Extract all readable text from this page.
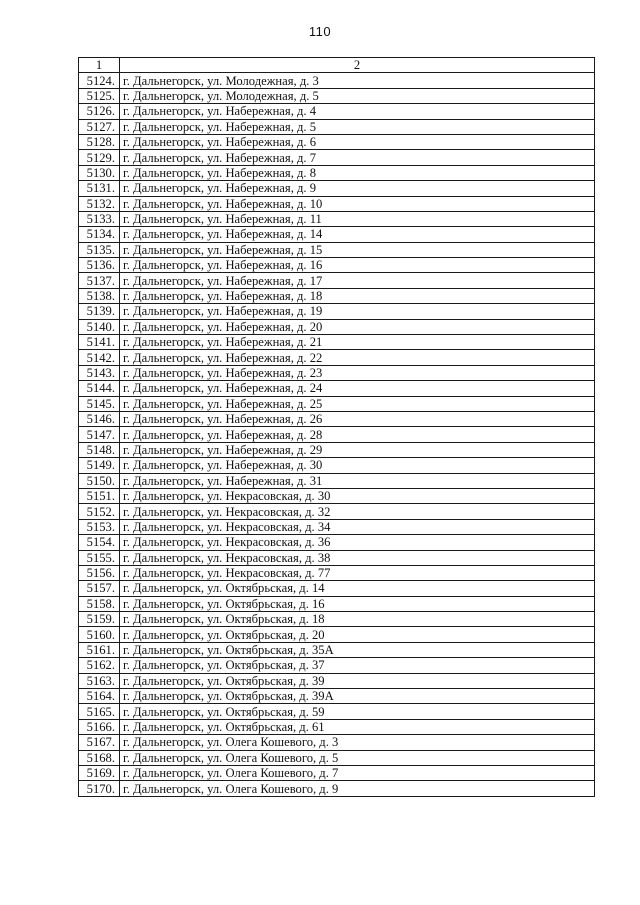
110
1	2
5124.	г. Дальнегорск, ул. Молодежная, д. 3
5125.	г. Дальнегорск, ул. Молодежная, д. 5
5126.	г. Дальнегорск, ул. Набережная, д. 4
5127.	г. Дальнегорск, ул. Набережная, д. 5
5128.	г. Дальнегорск, ул. Набережная, д. 6
5129.	г. Дальнегорск, ул. Набережная, д. 7
5130.	г. Дальнегорск, ул. Набережная, д. 8
5131.	г. Дальнегорск, ул. Набережная, д. 9
5132.	г. Дальнегорск, ул. Набережная, д. 10
5133.	г. Дальнегорск, ул. Набережная, д. 11
5134.	г. Дальнегорск, ул. Набережная, д. 14
5135.	г. Дальнегорск, ул. Набережная, д. 15
5136.	г. Дальнегорск, ул. Набережная, д. 16
5137.	г. Дальнегорск, ул. Набережная, д. 17
5138.	г. Дальнегорск, ул. Набережная, д. 18
5139.	г. Дальнегорск, ул. Набережная, д. 19
5140.	г. Дальнегорск, ул. Набережная, д. 20
5141.	г. Дальнегорск, ул. Набережная, д. 21
5142.	г. Дальнегорск, ул. Набережная, д. 22
5143.	г. Дальнегорск, ул. Набережная, д. 23
5144.	г. Дальнегорск, ул. Набережная, д. 24
5145.	г. Дальнегорск, ул. Набережная, д. 25
5146.	г. Дальнегорск, ул. Набережная, д. 26
5147.	г. Дальнегорск, ул. Набережная, д. 28
5148.	г. Дальнегорск, ул. Набережная, д. 29
5149.	г. Дальнегорск, ул. Набережная, д. 30
5150.	г. Дальнегорск, ул. Набережная, д. 31
5151.	г. Дальнегорск, ул. Некрасовская, д. 30
5152.	г. Дальнегорск, ул. Некрасовская, д. 32
5153.	г. Дальнегорск, ул. Некрасовская, д. 34
5154.	г. Дальнегорск, ул. Некрасовская, д. 36
5155.	г. Дальнегорск, ул. Некрасовская, д. 38
5156.	г. Дальнегорск, ул. Некрасовская, д. 77
5157.	г. Дальнегорск, ул. Октябрьская, д. 14
5158.	г. Дальнегорск, ул. Октябрьская, д. 16
5159.	г. Дальнегорск, ул. Октябрьская, д. 18
5160.	г. Дальнегорск, ул. Октябрьская, д. 20
5161.	г. Дальнегорск, ул. Октябрьская, д. 35А
5162.	г. Дальнегорск, ул. Октябрьская, д. 37
5163.	г. Дальнегорск, ул. Октябрьская, д. 39
5164.	г. Дальнегорск, ул. Октябрьская, д. 39А
5165.	г. Дальнегорск, ул. Октябрьская, д. 59
5166.	г. Дальнегорск, ул. Октябрьская, д. 61
5167.	г. Дальнегорск, ул. Олега Кошевого, д. 3
5168.	г. Дальнегорск, ул. Олега Кошевого, д. 5
5169.	г. Дальнегорск, ул. Олега Кошевого, д. 7
5170.	г. Дальнегорск, ул. Олега Кошевого, д. 9
